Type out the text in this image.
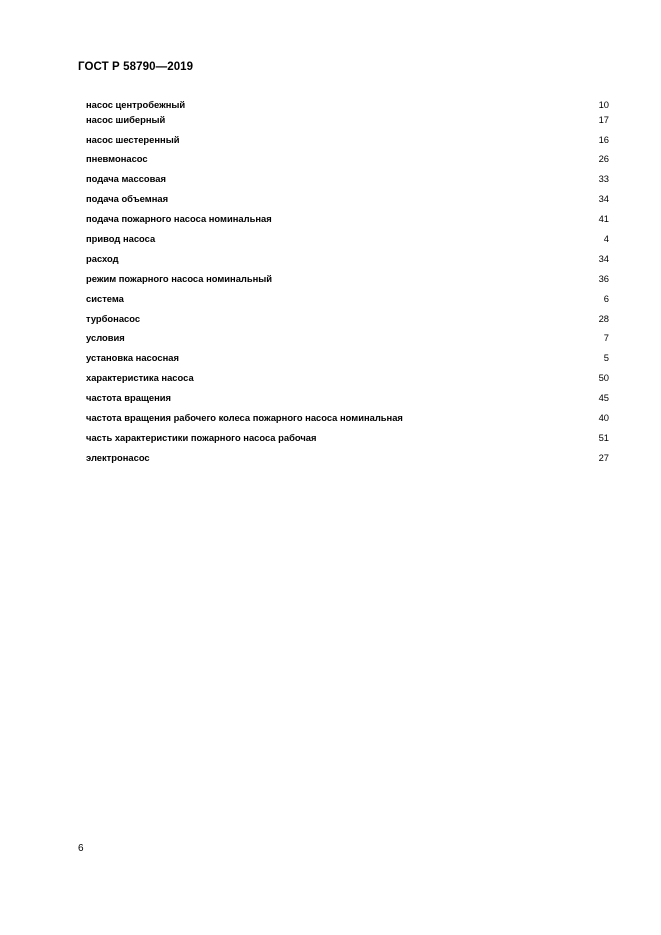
ГОСТ Р 58790—2019
насос центробежный	10
насос шиберный	17
насос шестеренный	16
пневмонасос	26
подача массовая	33
подача объемная	34
подача пожарного насоса номинальная	41
привод насоса	4
расход	34
режим пожарного насоса номинальный	36
система	6
турбонасос	28
условия	7
установка насосная	5
характеристика насоса	50
частота вращения	45
частота вращения рабочего колеса пожарного насоса номинальная	40
часть характеристики пожарного насоса рабочая	51
электронасос	27
6
